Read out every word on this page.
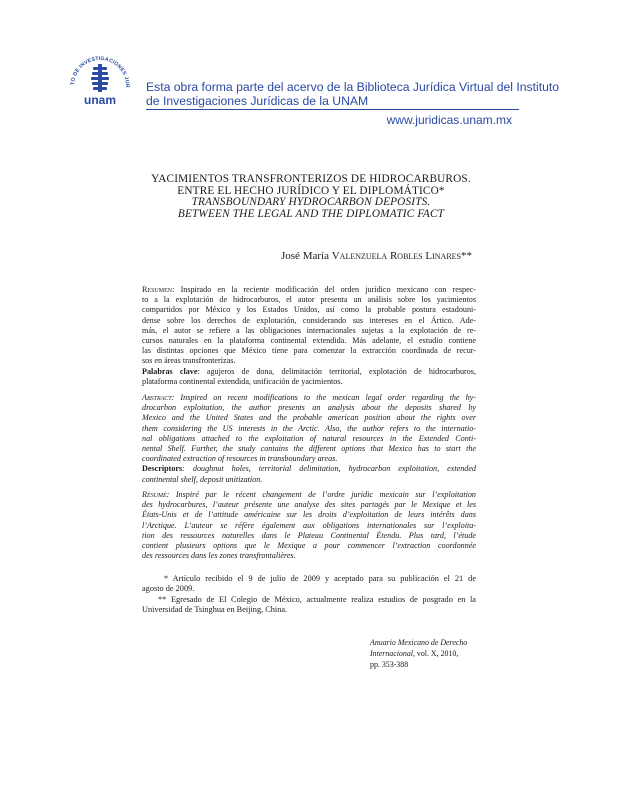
TO DE INVESTIGACIONES JUR
unam
Esta obra forma parte del acervo de la Biblioteca Jurídica Virtual del Instituto
de Investigaciones Jurídicas de la UNAM
www.juridicas.unam.mx
YACIMIENTOS TRANSFRONTERIZOS DE HIDROCARBUROS.
ENTRE EL HECHO JURÍDICO Y EL DIPLOMÁTICO*
TRANSBOUNDARY HYDROCARBON DEPOSITS.
BETWEEN THE LEGAL AND THE DIPLOMATIC FACT
José María Valenzuela Robles Linares**
Resumen: Inspirado en la reciente modificación del orden jurídico mexicano con respec-
to a la explotación de hidrocarburos, el autor presenta un análisis sobre los yacimientos
compartidos por México y los Estados Unidos, así como la probable postura estadouni-
dense sobre los derechos de explotación, considerando sus intereses en el Ártico. Ade-
más, el autor se refiere a las obligaciones internacionales sujetas a la explotación de re-
cursos naturales en la plataforma continental extendida. Más adelante, el estudio contiene
las distintas opciones que México tiene para comenzar la extracción coordinada de recur-
sos en áreas transfronterizas.
Palabras clave: agujeros de dona, delimitación territorial, explotación de hidrocarburos,
plataforma continental extendida, unificación de yacimientos.
Abstract: Inspired on recent modifications to the mexican legal order regarding the hy-
drocarbon exploitation, the author presents an analysis about the deposits shared by
Mexico and the United States and the probable american position about the rights over
them considering the US interests in the Arctic. Also, the author refers to the internatio-
nal obligations attached to the exploitation of natural resources in the Extended Conti-
nental Shelf. Further, the study contains the different options that Mexico has to start the
coordinated extraction of resources in transboundary areas.
Descriptors: doughnut holes, territorial delimitation, hydrocarbon exploitation, extended
continental shelf, deposit unitization.
Résumé: Inspiré par le récent changement de l’ordre juridic mexicain sur l’exploitation
des hydrocarbures, l’auteur présente une analyse des sites partagés par le Mexique et les
États-Unis et de l’attitude américaine sur les droits d’exploitation de leurs intérêts dans
l’Arctique. L’auteur se réfère également aux obligations internationales sur l’exploita-
tion des ressources naturelles dans le Plateau Continental Étendu. Plus tard, l’étude
contient plusieurs options que le Mexique a pour commencer l’extraction coordonnée
des ressources dans les zones transfrontalières.
* Artículo recibido el 9 de julio de 2009 y aceptado para su publicación el 21 de
agosto de 2009.
** Egresado de El Colegio de México, actualmente realiza estudios de posgrado en la
Universidad de Tsinghua en Beijing, China.
Anuario Mexicano de Derecho
Internacional, vol. X, 2010,
pp. 353-388
